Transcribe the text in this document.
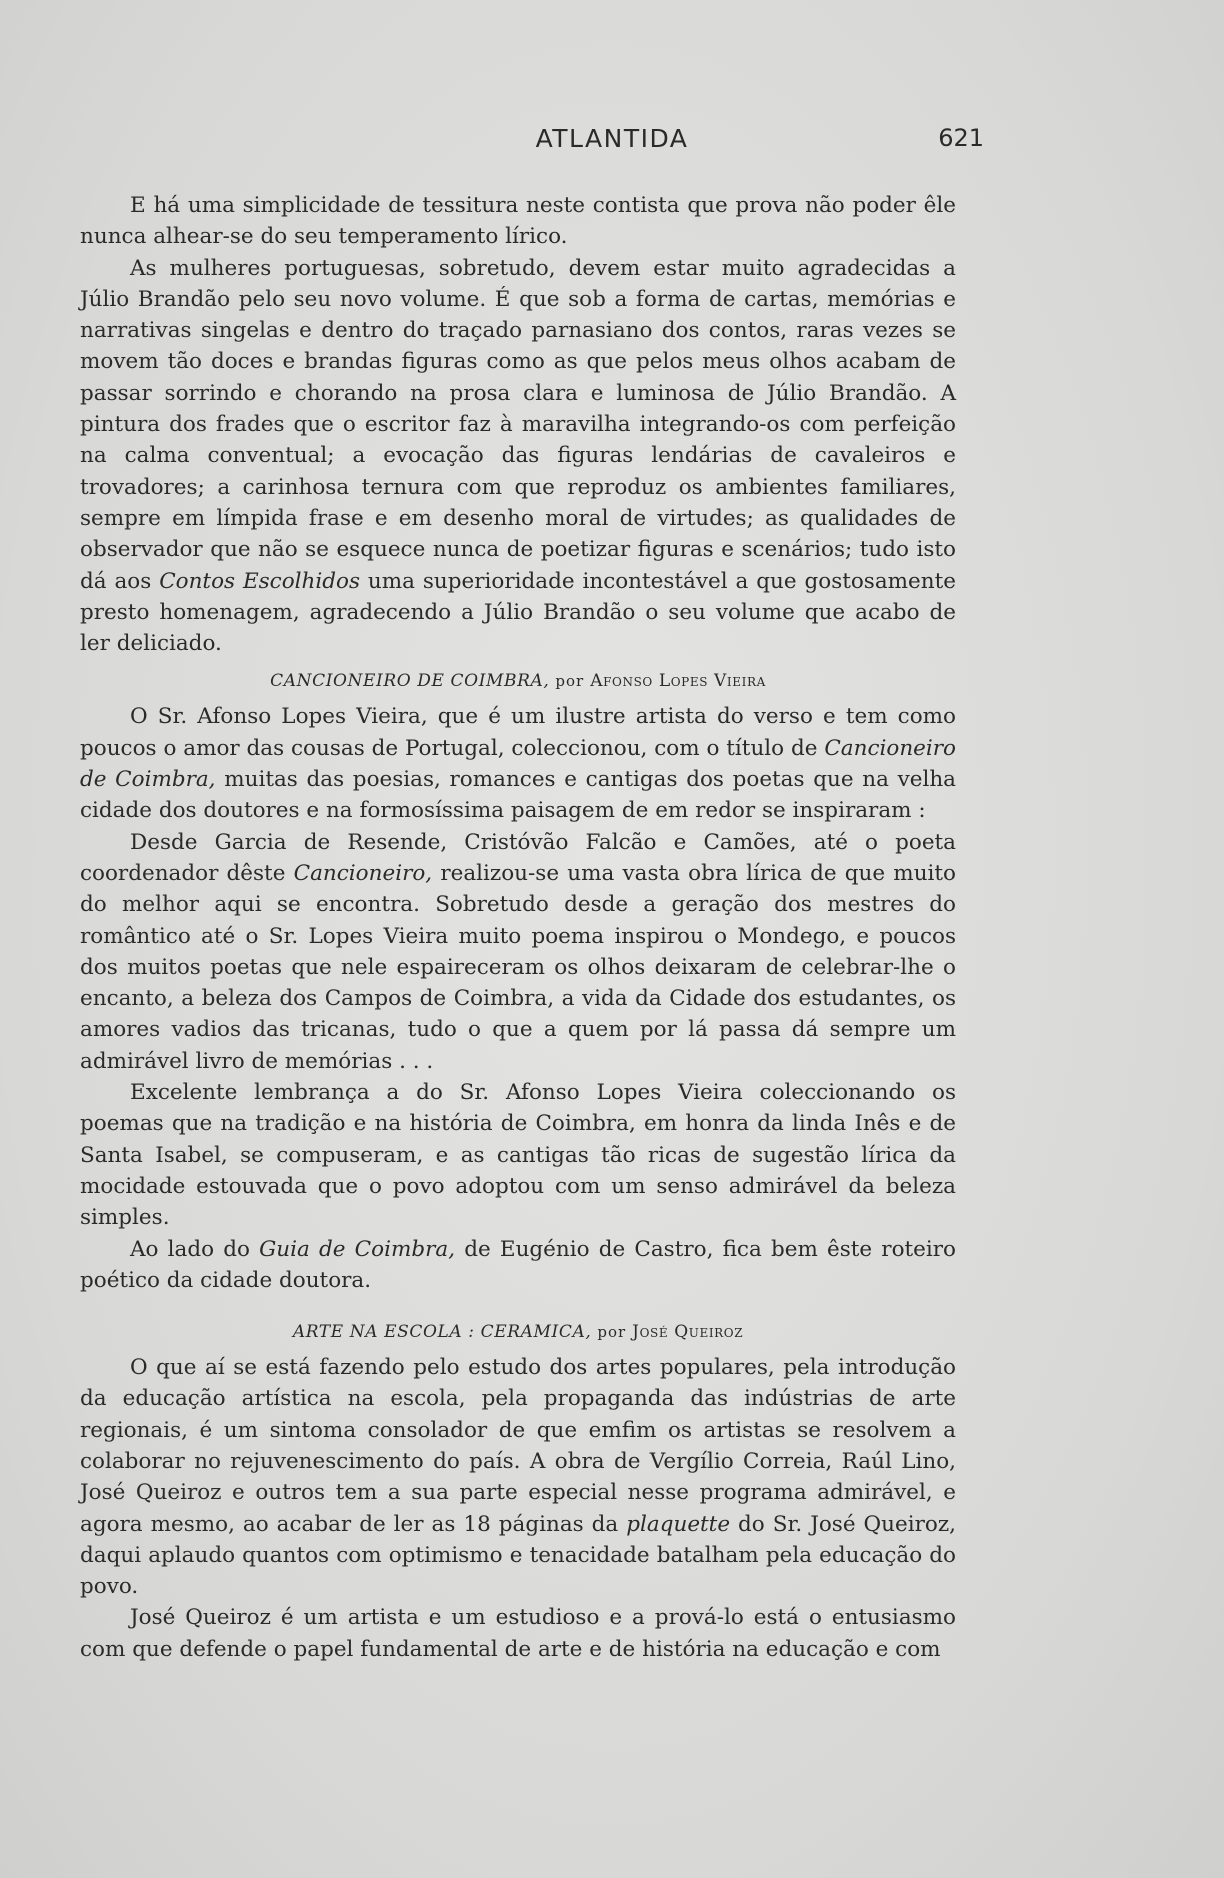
ATLANTIDA	621

E há uma simplicidade de tessitura neste contista que prova não poder êle nunca alhear-se do seu temperamento lírico.

As mulheres portuguesas, sobretudo, devem estar muito agradecidas a Júlio Brandão pelo seu novo volume. É que sob a forma de cartas, memórias e narrativas singelas e dentro do traçado parnasiano dos contos, raras vezes se movem tão doces e brandas figuras como as que pelos meus olhos acabam de passar sorrindo e chorando na prosa clara e luminosa de Júlio Brandão. A pintura dos frades que o escritor faz à maravilha integrando-os com perfeição na calma conventual; a evocação das figuras lendárias de cavaleiros e trovadores; a carinhosa ternura com que reproduz os ambientes familiares, sempre em límpida frase e em desenho moral de virtudes; as qualidades de observador que não se esquece nunca de poetizar figuras e scenários; tudo isto dá aos Contos Escolhidos uma superioridade incontestável a que gostosamente presto homenagem, agradecendo a Júlio Brandão o seu volume que acabo de ler deliciado.

CANCIONEIRO DE COIMBRA, por Afonso Lopes Vieira

O Sr. Afonso Lopes Vieira, que é um ilustre artista do verso e tem como poucos o amor das cousas de Portugal, coleccionou, com o título de Cancioneiro de Coimbra, muitas das poesias, romances e cantigas dos poetas que na velha cidade dos doutores e na formosíssima paisagem de em redor se inspiraram :

Desde Garcia de Resende, Cristóvão Falcão e Camões, até o poeta coordenador dêste Cancioneiro, realizou-se uma vasta obra lírica de que muito do melhor aqui se encontra. Sobretudo desde a geração dos mestres do romântico até o Sr. Lopes Vieira muito poema inspirou o Mondego, e poucos dos muitos poetas que nele espaireceram os olhos deixaram de celebrar-lhe o encanto, a beleza dos Campos de Coimbra, a vida da Cidade dos estudantes, os amores vadios das tricanas, tudo o que a quem por lá passa dá sempre um admirável livro de memórias . . .

Excelente lembrança a do Sr. Afonso Lopes Vieira coleccionando os poemas que na tradição e na história de Coimbra, em honra da linda Inês e de Santa Isabel, se compuseram, e as cantigas tão ricas de sugestão lírica da mocidade estouvada que o povo adoptou com um senso admirável da beleza simples.

Ao lado do Guia de Coimbra, de Eugénio de Castro, fica bem êste roteiro poético da cidade doutora.

ARTE NA ESCOLA : CERAMICA, por José Queiroz

O que aí se está fazendo pelo estudo dos artes populares, pela introdução da educação artística na escola, pela propaganda das indústrias de arte regionais, é um sintoma consolador de que emfim os artistas se resolvem a colaborar no rejuvenescimento do país. A obra de Vergílio Correia, Raúl Lino, José Queiroz e outros tem a sua parte especial nesse programa admirável, e agora mesmo, ao acabar de ler as 18 páginas da plaquette do Sr. José Queiroz, daqui aplaudo quantos com optimismo e tenacidade batalham pela educação do povo.

José Queiroz é um artista e um estudioso e a prová-lo está o entusiasmo com que defende o papel fundamental de arte e de história na educação e com
